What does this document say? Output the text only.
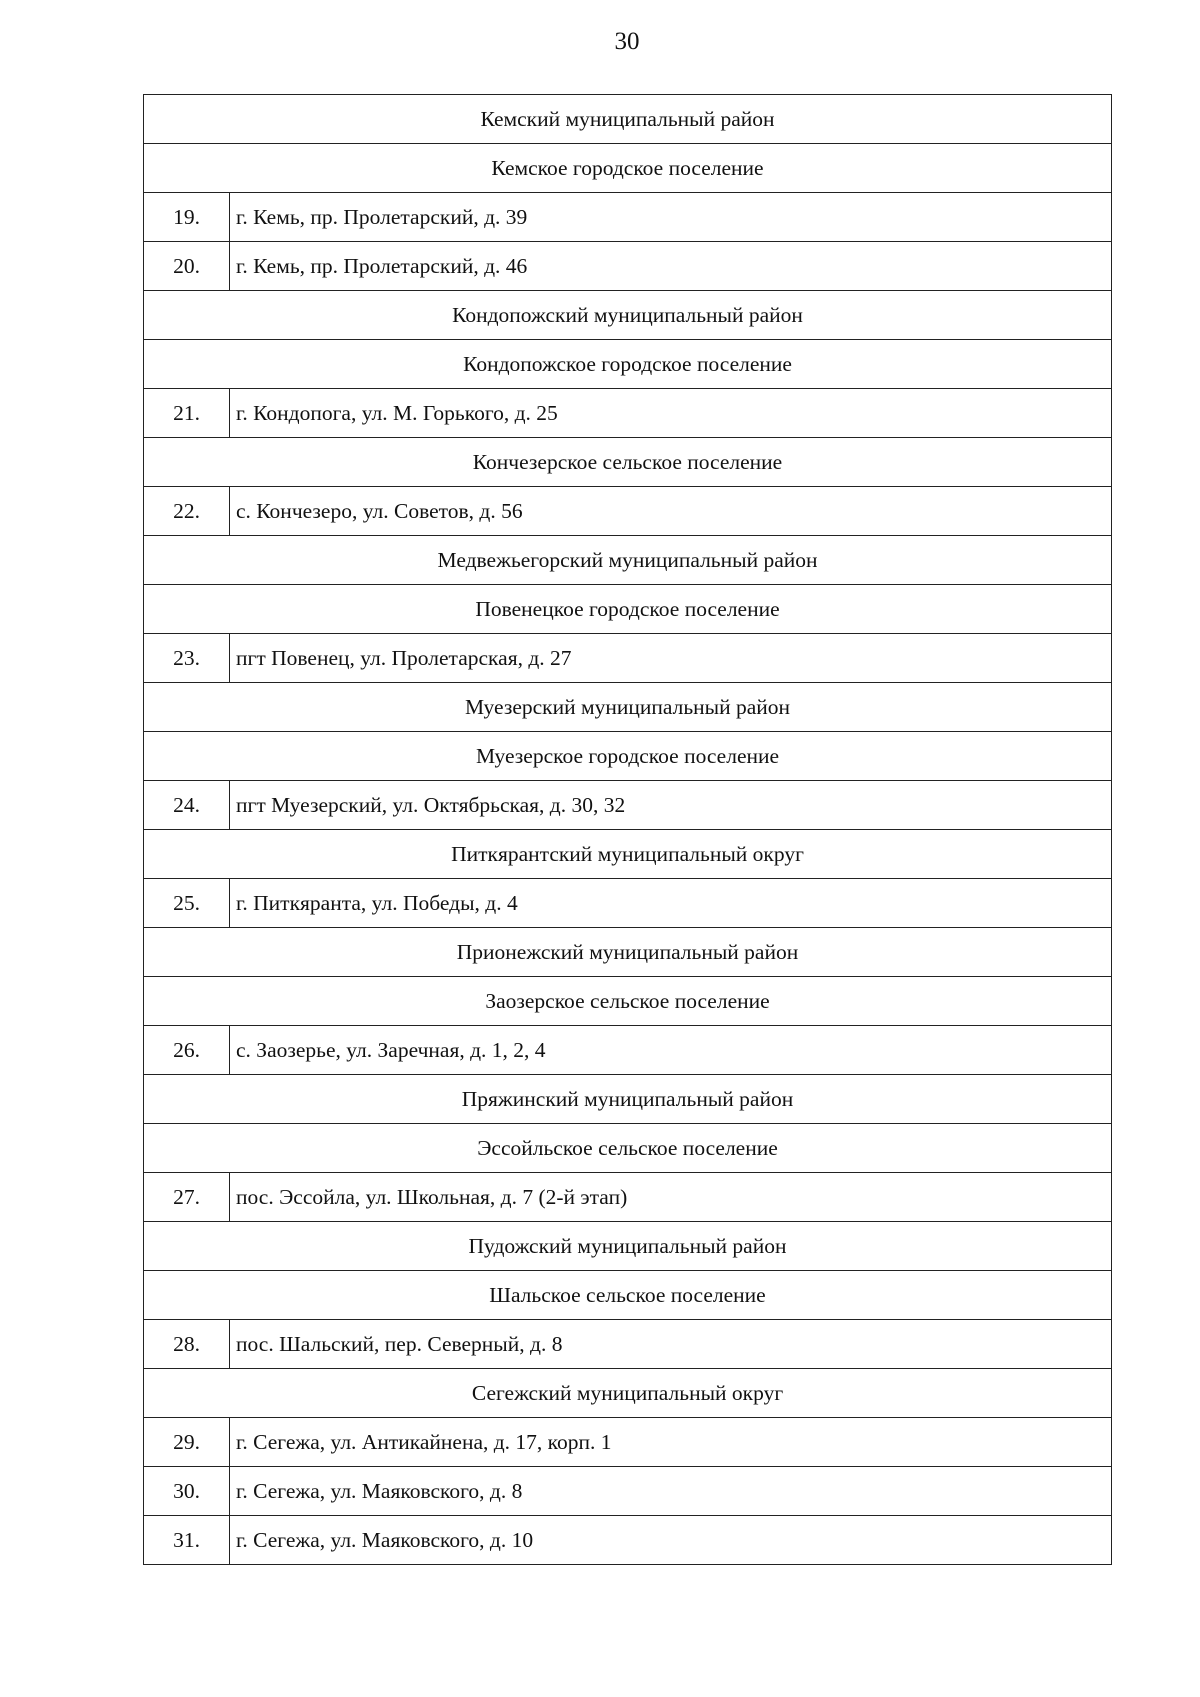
30
Кемский муниципальный район	
Кемское городское поселение	
19.	г. Кемь, пр. Пролетарский, д. 39
20.	г. Кемь, пр. Пролетарский, д. 46
Кондопожский муниципальный район	
Кондопожское городское поселение	
21.	г. Кондопога, ул. М. Горького, д. 25
Кончезерское сельское поселение	
22.	с. Кончезеро, ул. Советов, д. 56
Медвежьегорский муниципальный район	
Повенецкое городское поселение	
23.	пгт Повенец, ул. Пролетарская, д. 27
Муезерский муниципальный район	
Муезерское городское поселение	
24.	пгт Муезерский, ул. Октябрьская, д. 30, 32
Питкярантский муниципальный округ	
25.	г. Питкяранта, ул. Победы, д. 4
Прионежский муниципальный район	
Заозерское сельское поселение	
26.	с. Заозерье, ул. Заречная, д. 1, 2, 4
Пряжинский муниципальный район	
Эссойльское сельское поселение	
27.	пос. Эссойла, ул. Школьная, д. 7 (2-й этап)
Пудожский муниципальный район	
Шальское сельское поселение	
28.	пос. Шальский, пер. Северный, д. 8
Сегежский муниципальный округ	
29.	г. Сегежа, ул. Антикайнена, д. 17, корп. 1
30.	г. Сегежа, ул. Маяковского, д. 8
31.	г. Сегежа, ул. Маяковского, д. 10
